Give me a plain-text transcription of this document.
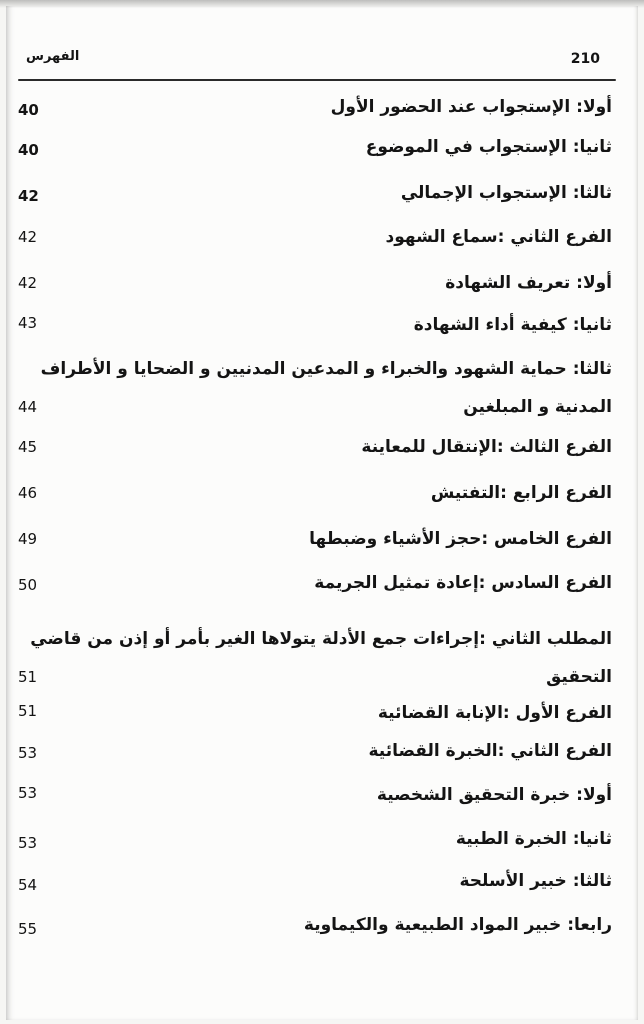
210
الفهرس
أولا: الإستجواب عند الحضور الأول
40
ثانيا: الإستجواب في الموضوع
40
ثالثا: الإستجواب الإجمالي
42
الفرع الثاني :سماع الشهود
42
أولا: تعريف الشهادة
42
ثانيا: كيفية أداء الشهادة
43
ثالثا: حماية الشهود والخبراء و المدعين المدنيين و الضحايا و الأطراف المدنية و المبلغين
44
الفرع الثالث :الإنتقال للمعاينة
45
الفرع الرابع :التفتيش
46
الفرع الخامس :حجز الأشياء وضبطها
49
الفرع السادس :إعادة تمثيل الجريمة
50
المطلب الثاني :إجراءات جمع الأدلة يتولاها الغير بأمر أو إذن من قاضي التحقيق
51
الفرع الأول :الإنابة القضائية
51
الفرع الثاني :الخبرة القضائية
53
أولا: خبرة التحقيق الشخصية
53
ثانيا: الخبرة الطبية
53
ثالثا: خبير الأسلحة
54
رابعا: خبير المواد الطبيعية والكيماوية
55
